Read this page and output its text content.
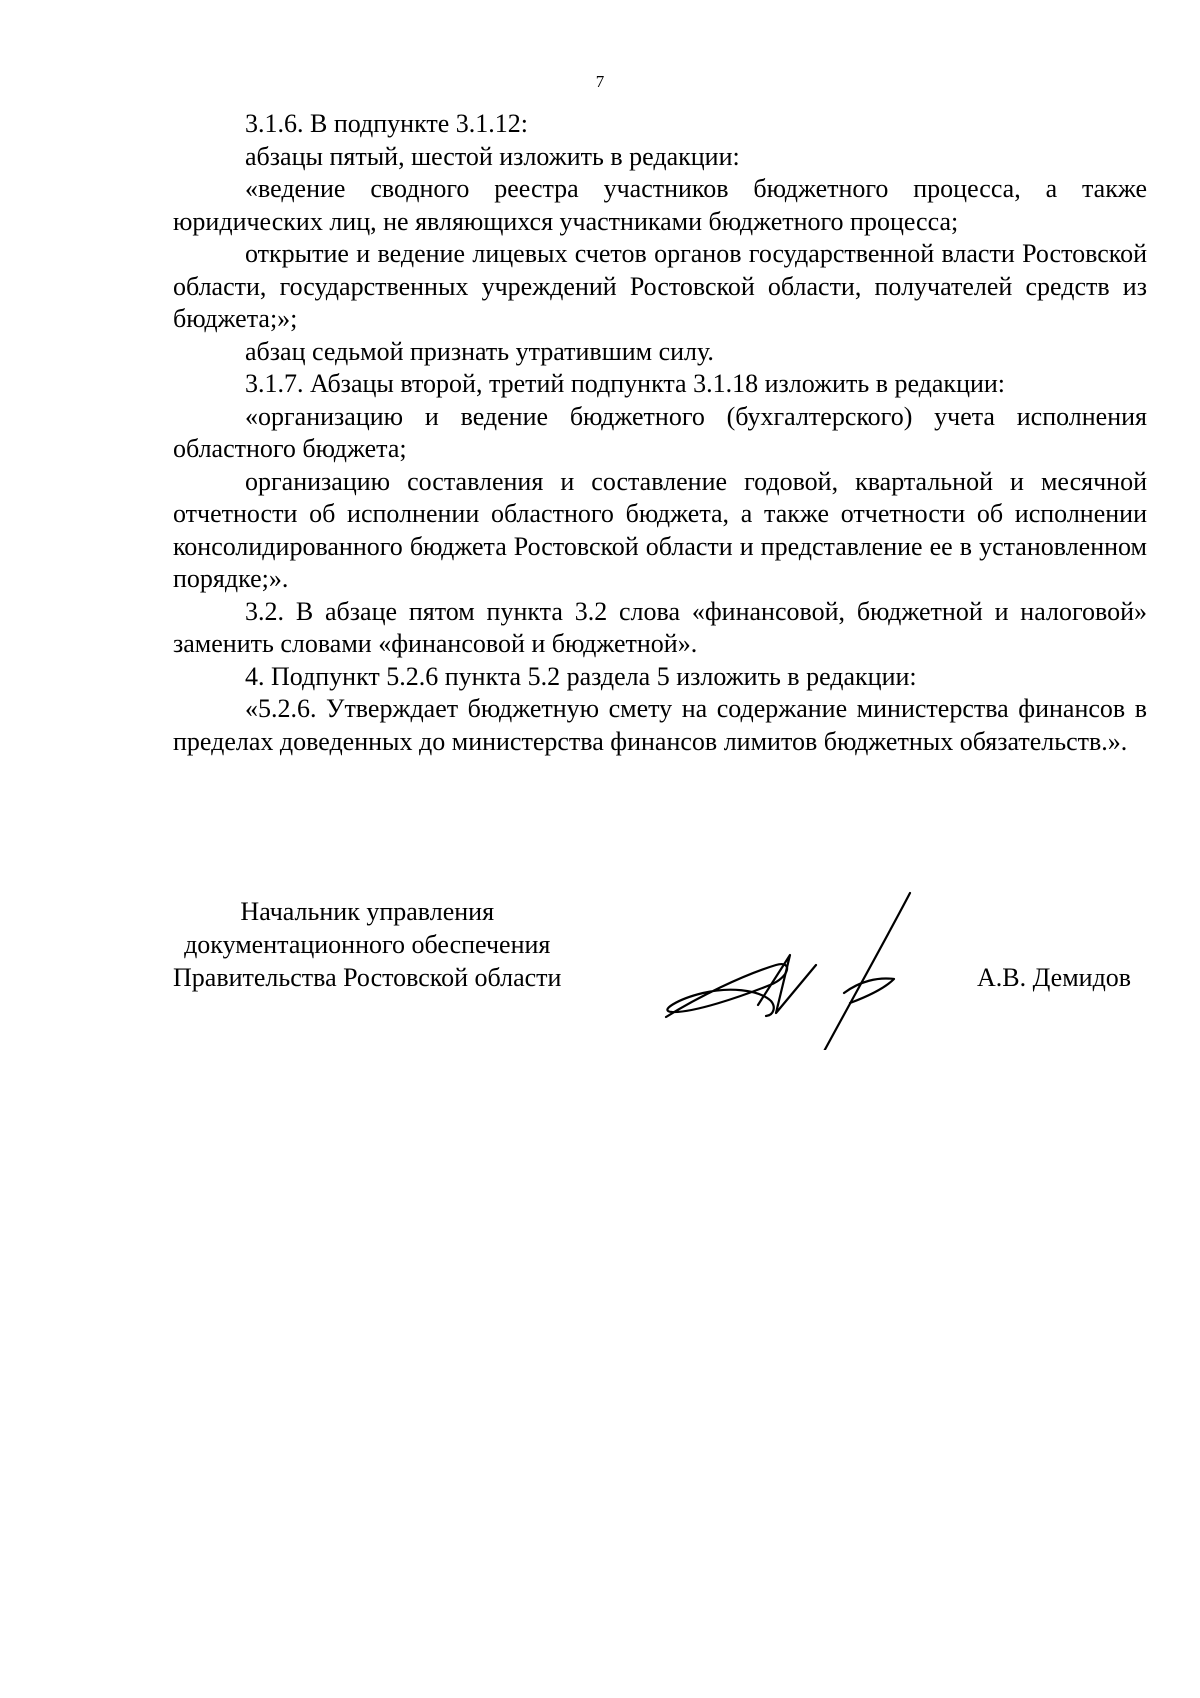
7

3.1.6. В подпункте 3.1.12:

абзацы пятый, шестой изложить в редакции:

«ведение сводного реестра участников бюджетного процесса, а также юридических лиц, не являющихся участниками бюджетного процесса;

открытие и ведение лицевых счетов органов государственной власти Ростовской области, государственных учреждений Ростовской области, получателей средств из бюджета;»;

абзац седьмой признать утратившим силу.

3.1.7. Абзацы второй, третий подпункта 3.1.18 изложить в редакции:

«организацию и ведение бюджетного (бухгалтерского) учета исполнения областного бюджета;

организацию составления и составление годовой, квартальной и месячной отчетности об исполнении областного бюджета, а также отчетности об исполнении консолидированного бюджета Ростовской области и представление ее в установленном порядке;».

3.2. В абзаце пятом пункта 3.2 слова «финансовой, бюджетной и налоговой» заменить словами «финансовой и бюджетной».

4. Подпункт 5.2.6 пункта 5.2 раздела 5 изложить в редакции:

«5.2.6. Утверждает бюджетную смету на содержание министерства финансов в пределах доведенных до министерства финансов лимитов бюджетных обязательств.».

Начальник управления
документационного обеспечения
Правительства Ростовской области	А.В. Демидов
